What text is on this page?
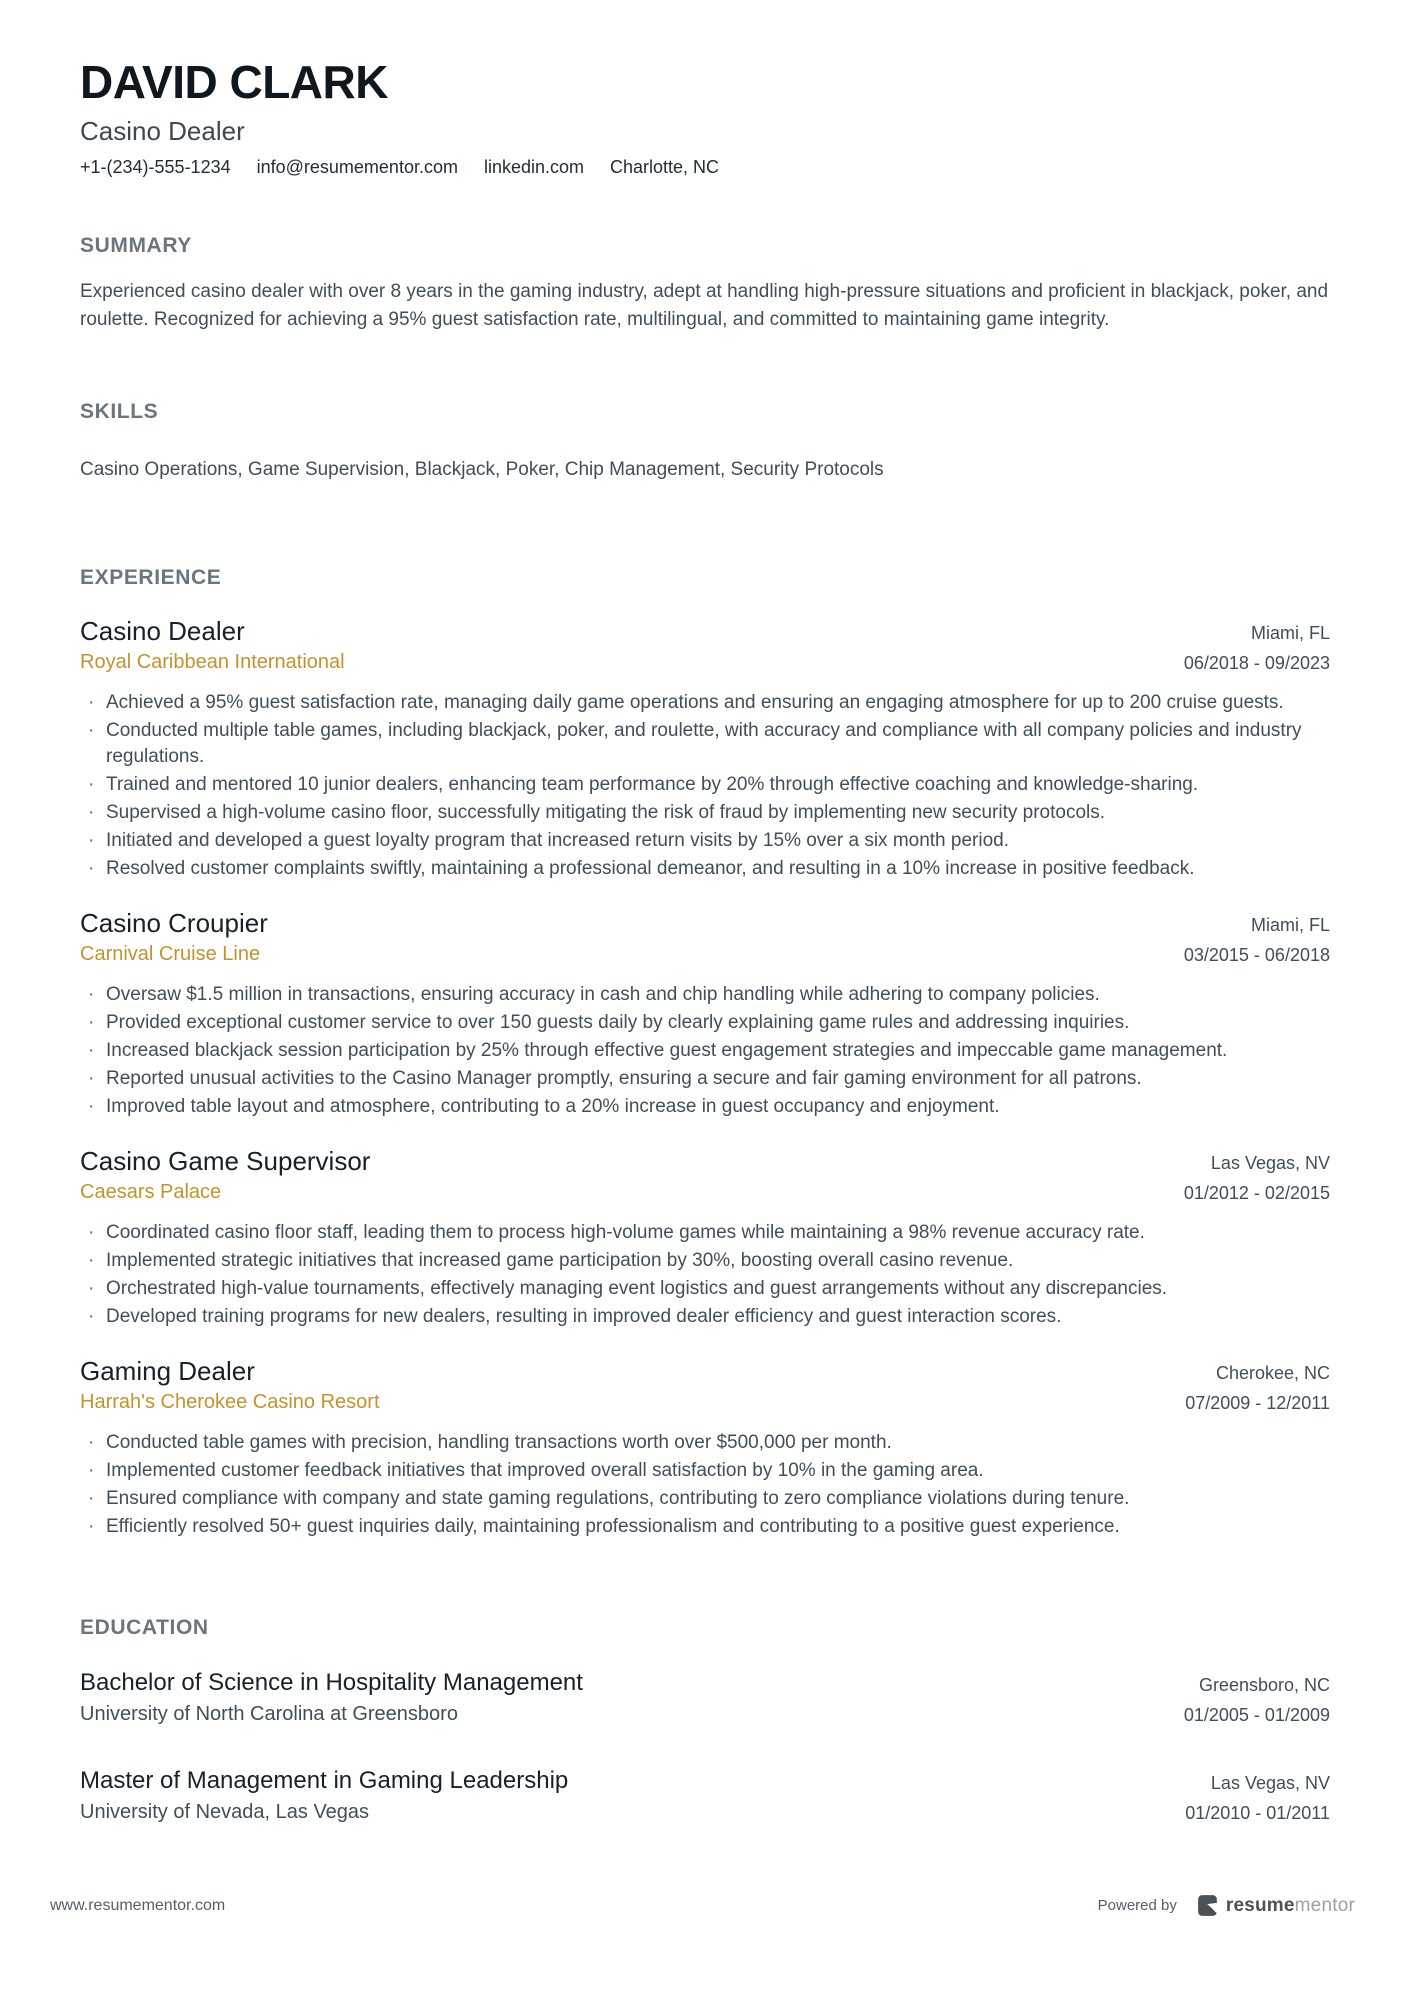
DAVID CLARK
Casino Dealer
+1-(234)-555-1234 info@resumementor.com linkedin.com Charlotte, NC
SUMMARY
Experienced casino dealer with over 8 years in the gaming industry, adept at handling high-pressure situations and proficient in blackjack, poker, and roulette. Recognized for achieving a 95% guest satisfaction rate, multilingual, and committed to maintaining game integrity.
SKILLS
Casino Operations, Game Supervision, Blackjack, Poker, Chip Management, Security Protocols
EXPERIENCE
Casino Dealer
Royal Caribbean International
Miami, FL
06/2018 - 09/2023
· Achieved a 95% guest satisfaction rate, managing daily game operations and ensuring an engaging atmosphere for up to 200 cruise guests.
· Conducted multiple table games, including blackjack, poker, and roulette, with accuracy and compliance with all company policies and industry regulations.
· Trained and mentored 10 junior dealers, enhancing team performance by 20% through effective coaching and knowledge-sharing.
· Supervised a high-volume casino floor, successfully mitigating the risk of fraud by implementing new security protocols.
· Initiated and developed a guest loyalty program that increased return visits by 15% over a six month period.
· Resolved customer complaints swiftly, maintaining a professional demeanor, and resulting in a 10% increase in positive feedback.
Casino Croupier
Carnival Cruise Line
Miami, FL
03/2015 - 06/2018
· Oversaw $1.5 million in transactions, ensuring accuracy in cash and chip handling while adhering to company policies.
· Provided exceptional customer service to over 150 guests daily by clearly explaining game rules and addressing inquiries.
· Increased blackjack session participation by 25% through effective guest engagement strategies and impeccable game management.
· Reported unusual activities to the Casino Manager promptly, ensuring a secure and fair gaming environment for all patrons.
· Improved table layout and atmosphere, contributing to a 20% increase in guest occupancy and enjoyment.
Casino Game Supervisor
Caesars Palace
Las Vegas, NV
01/2012 - 02/2015
· Coordinated casino floor staff, leading them to process high-volume games while maintaining a 98% revenue accuracy rate.
· Implemented strategic initiatives that increased game participation by 30%, boosting overall casino revenue.
· Orchestrated high-value tournaments, effectively managing event logistics and guest arrangements without any discrepancies.
· Developed training programs for new dealers, resulting in improved dealer efficiency and guest interaction scores.
Gaming Dealer
Harrah's Cherokee Casino Resort
Cherokee, NC
07/2009 - 12/2011
· Conducted table games with precision, handling transactions worth over $500,000 per month.
· Implemented customer feedback initiatives that improved overall satisfaction by 10% in the gaming area.
· Ensured compliance with company and state gaming regulations, contributing to zero compliance violations during tenure.
· Efficiently resolved 50+ guest inquiries daily, maintaining professionalism and contributing to a positive guest experience.
EDUCATION
Bachelor of Science in Hospitality Management
University of North Carolina at Greensboro
Greensboro, NC
01/2005 - 01/2009
Master of Management in Gaming Leadership
University of Nevada, Las Vegas
Las Vegas, NV
01/2010 - 01/2011
www.resumementor.com	Powered by	resumementor
